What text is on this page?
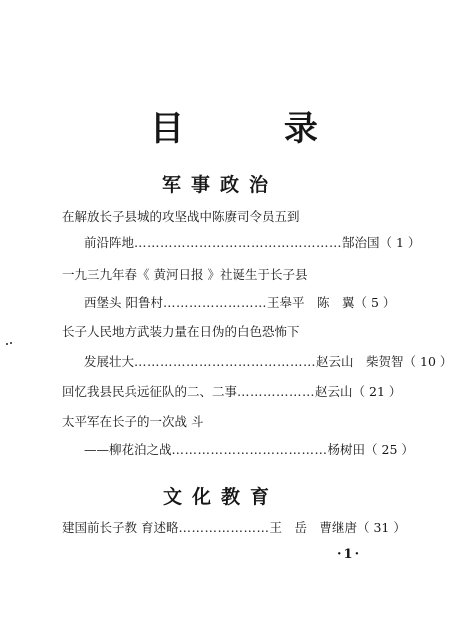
目 录
军事政治
在解放长子县城的攻坚战中陈赓司令员五到
前沿阵地 ………………………………………… 郜治国 （ 1 ）
一九三九年春《 黄河日报 》社诞生于长子县
西堡头 阳鲁村 …………………… 王皋平　陈　翼 （ 5 ）
长子人民地方武装力量在日伪的白色恐怖下
发展壮大 …………………………………… 赵云山　柴贺智 （ 10 ）
回忆我县民兵远征队的二、二事 ……………… 赵云山 （ 21 ）
太平军在长子的一次战 斗
——柳花泊之战 ……………………………… 杨树田 （ 25 ）
文化教育
建国前长子教 育述略 ………………… 王　岳　曹继唐 （ 31 ）
·1·
